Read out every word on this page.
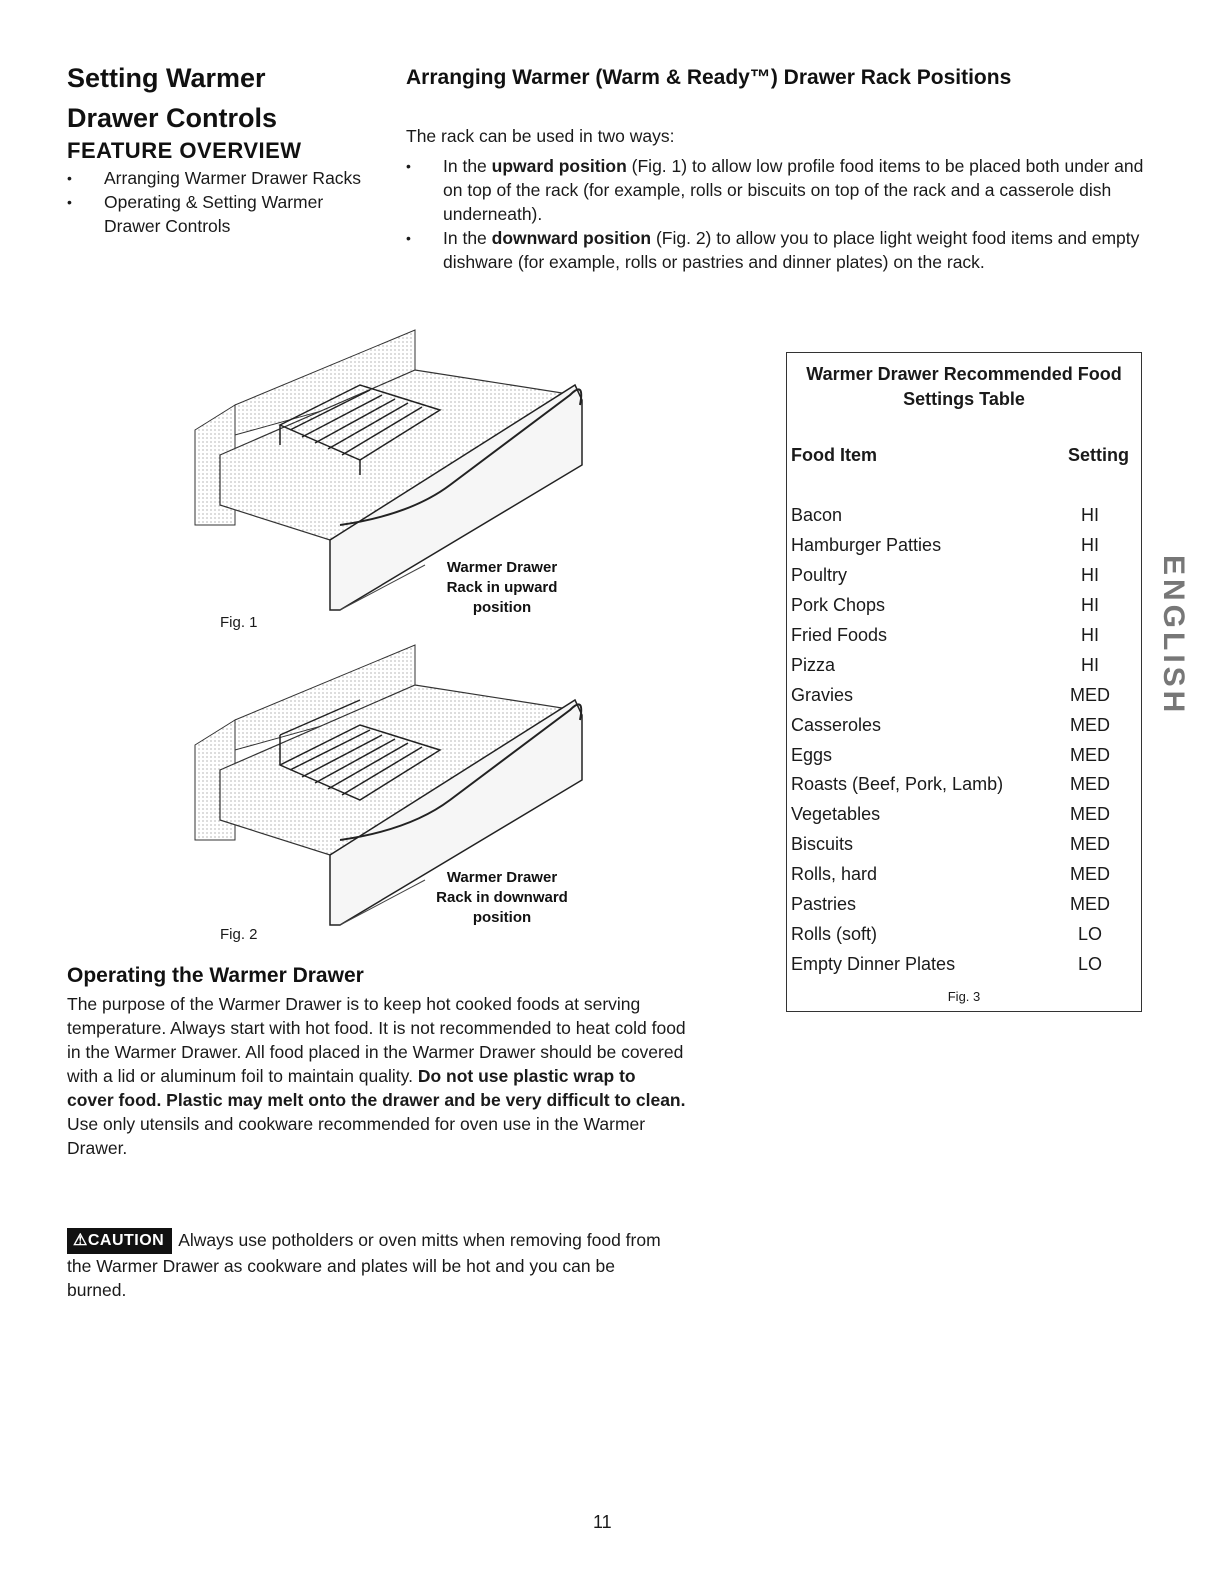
Setting Warmer
Drawer Controls
FEATURE OVERVIEW
• Arranging Warmer Drawer Racks
• Operating & Setting Warmer Drawer Controls
Arranging Warmer (Warm & Ready™) Drawer Rack Positions
The rack can be used in two ways:
• In the upward position (Fig. 1) to allow low profile food items to be placed both under and on top of the rack (for example, rolls or biscuits on top of the rack and a casserole dish underneath).
• In the downward position (Fig. 2) to allow you to place light weight food items and empty dishware (for example, rolls or pastries and dinner plates) on the rack.
Warmer Drawer
Rack in upward
position
Fig. 1
Warmer Drawer
Rack in downward
position
Fig. 2
Warmer Drawer Recommended Food
Settings Table
Food Item	Setting
Bacon	HI
Hamburger Patties	HI
Poultry	HI
Pork Chops	HI
Fried Foods	HI
Pizza	HI
Gravies	MED
Casseroles	MED
Eggs	MED
Roasts (Beef, Pork, Lamb)	MED
Vegetables	MED
Biscuits	MED
Rolls, hard	MED
Pastries	MED
Rolls (soft)	LO
Empty Dinner Plates	LO
Fig. 3
ENGLISH
Operating the Warmer Drawer
The purpose of the Warmer Drawer is to keep hot cooked foods at serving temperature. Always start with hot food. It is not recommended to heat cold food in the Warmer Drawer. All food placed in the Warmer Drawer should be covered with a lid or aluminum foil to maintain quality. Do not use plastic wrap to cover food. Plastic may melt onto the drawer and be very difficult to clean. Use only utensils and cookware recommended for oven use in the Warmer Drawer.
⚠CAUTION Always use potholders or oven mitts when removing food from the Warmer Drawer as cookware and plates will be hot and you can be burned.
11
